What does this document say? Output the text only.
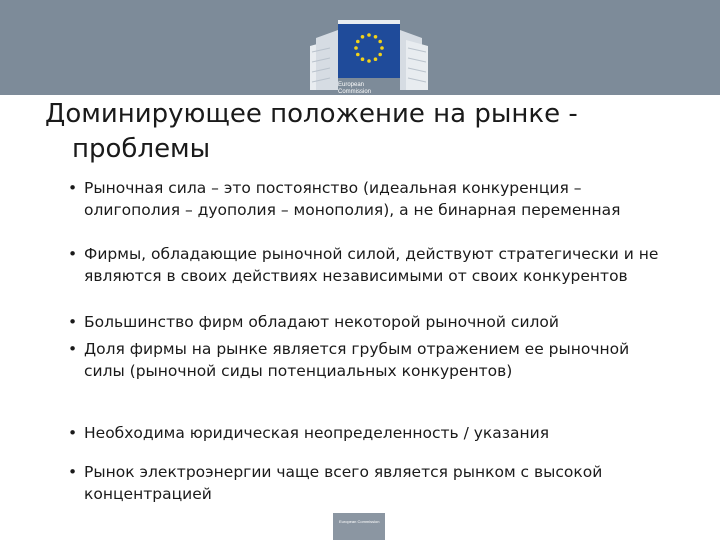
European
Commission
Доминирующее положение на рынке -
проблемы
• Рыночная сила – это постоянство (идеальная конкуренция – олигополия – дуополия – монополия), а не бинарная переменная
• Фирмы, обладающие рыночной силой, действуют стратегически и не являются в своих действиях независимыми от своих конкурентов
• Большинство фирм обладают некоторой рыночной силой
• Доля фирмы на рынке является грубым отражением ее рыночной силы (рыночной сиды потенциальных конкурентов)
• Необходима юридическая неопределенность / указания
• Рынок электроэнергии чаще всего является рынком с высокой концентрацией
European Commission
